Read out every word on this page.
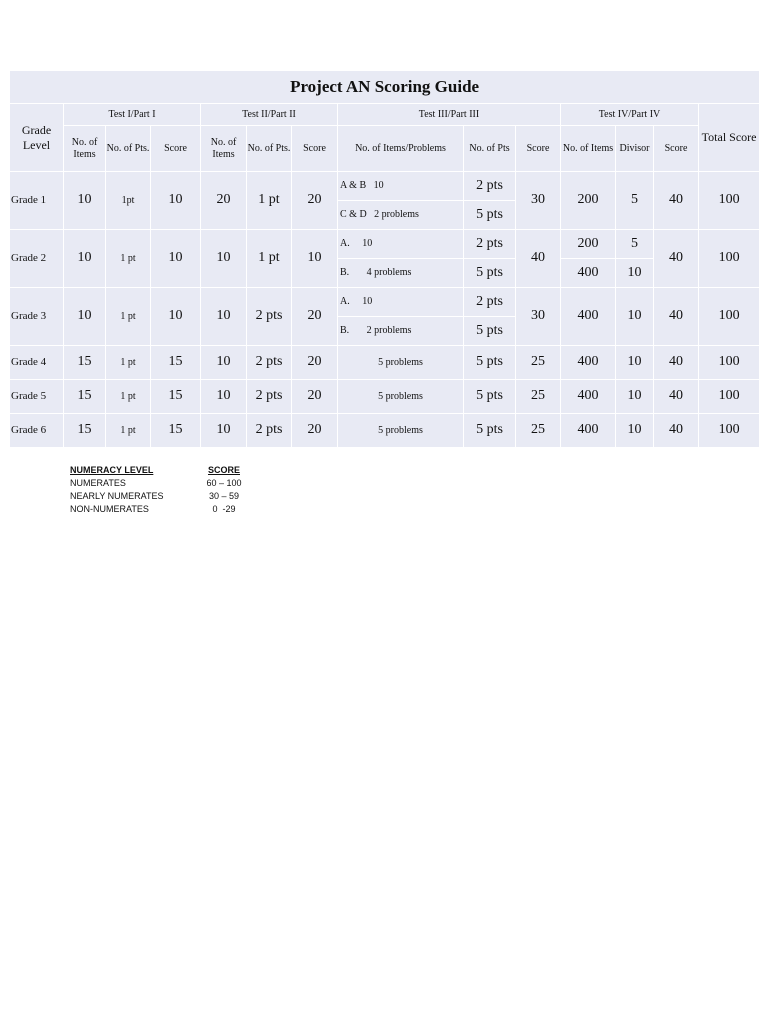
Project AN Scoring Guide													
Grade Level	Test I/Part I			Test II/Part II			Test III/Part III			Test IV/Part IV			Total Score
	No. of Items	No. of Pts.	Score	No. of Items	No. of Pts.	Score	No. of Items/Problems	No. of Pts	Score	No. of Items	Divisor	Score	
Grade 1	10	1pt	10	20	1 pt	20	A & B   10	2 pts	30	200	5	40	100
							C & D   2 problems	5 pts					
Grade 2	10	1 pt	10	10	1 pt	10	A.     10	2 pts	40	200	5	40	100
							B.       4 problems	5 pts		400	10		
Grade 3	10	1 pt	10	10	2 pts	20	A.     10	2 pts	30	400	10	40	100
							B.       2 problems	5 pts					
Grade 4	15	1 pt	15	10	2 pts	20	5 problems	5 pts	25	400	10	40	100
Grade 5	15	1 pt	15	10	2 pts	20	5 problems	5 pts	25	400	10	40	100
Grade 6	15	1 pt	15	10	2 pts	20	5 problems	5 pts	25	400	10	40	100
NUMERACY LEVEL	SCORE
NUMERATES	60 – 100
NEARLY NUMERATES	30 – 59
NON-NUMERATES	0  -29
